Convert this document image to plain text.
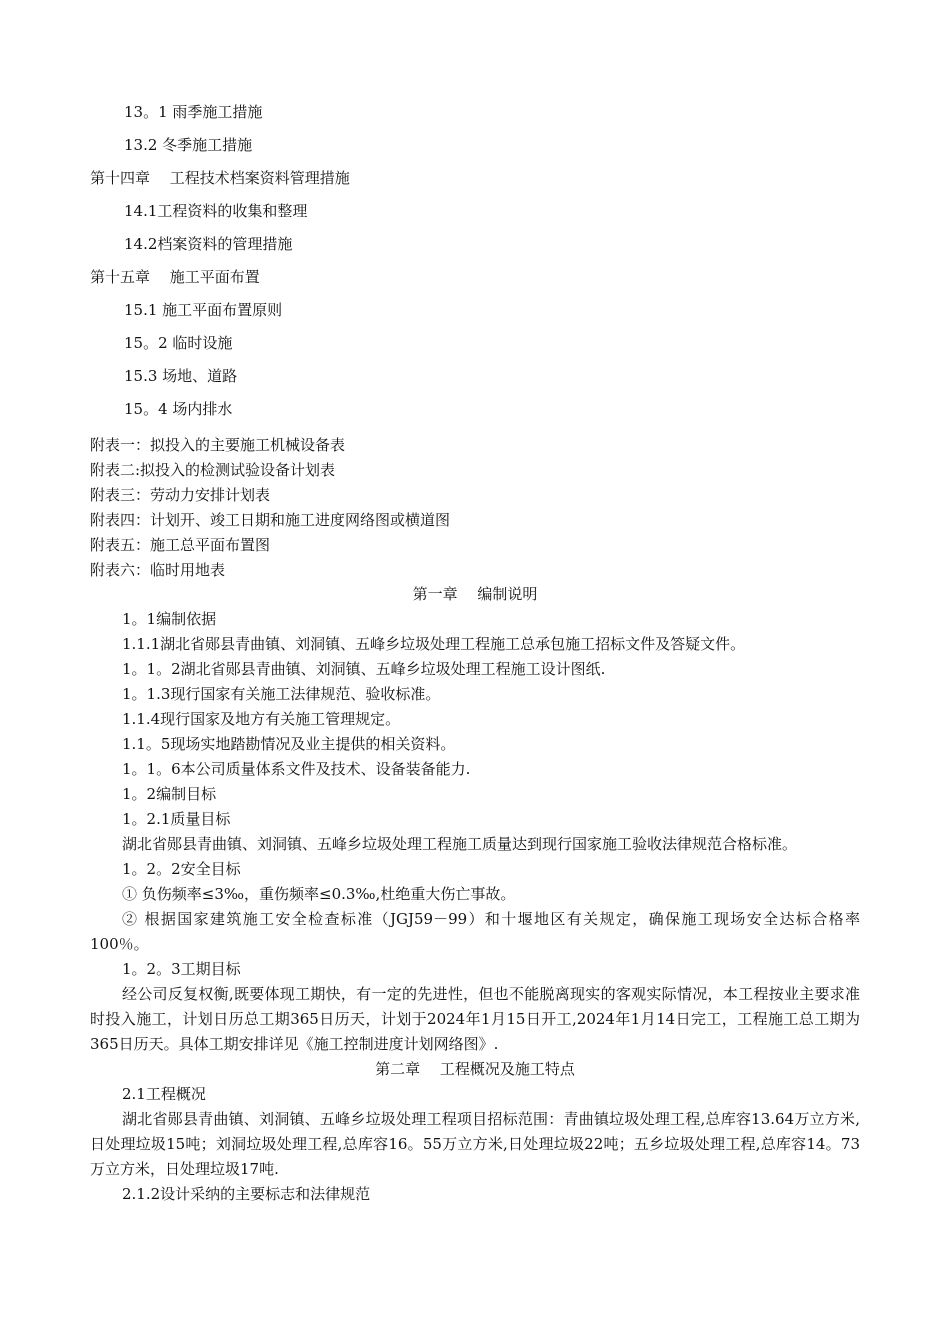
13。1 雨季施工措施
13.2 冬季施工措施
第十四章　 工程技术档案资料管理措施
14.1工程资料的收集和整理
14.2档案资料的管理措施
第十五章　 施工平面布置
15.1 施工平面布置原则
15。2 临时设施
15.3 场地、道路
15。4 场内排水
附表一：拟投入的主要施工机械设备表
附表二:拟投入的检测试验设备计划表
附表三：劳动力安排计划表
附表四：计划开、竣工日期和施工进度网络图或横道图
附表五：施工总平面布置图
附表六：临时用地表
第一章　 编制说明
1。1编制依据
1.1.1湖北省郧县青曲镇、刘洞镇、五峰乡垃圾处理工程施工总承包施工招标文件及答疑文件。
1。1。2湖北省郧县青曲镇、刘洞镇、五峰乡垃圾处理工程施工设计图纸.
1。1.3现行国家有关施工法律规范、验收标准。
1.1.4现行国家及地方有关施工管理规定。
1.1。5现场实地踏勘情况及业主提供的相关资料。
1。1。6本公司质量体系文件及技术、设备装备能力.
1。2编制目标
1。2.1质量目标
湖北省郧县青曲镇、刘洞镇、五峰乡垃圾处理工程施工质量达到现行国家施工验收法律规范合格标准。
1。2。2安全目标
① 负伤频率≤3‰，重伤频率≤0.3‰,杜绝重大伤亡事故。
② 根据国家建筑施工安全检查标准（JGJ59－99）和十堰地区有关规定，确保施工现场安全达标合格率100％。
1。2。3工期目标
经公司反复权衡,既要体现工期快，有一定的先进性，但也不能脱离现实的客观实际情况，本工程按业主要求准时投入施工，计划日历总工期365日历天，计划于2024年1月15日开工,2024年1月14日完工，工程施工总工期为365日历天。具体工期安排详见《施工控制进度计划网络图》.
第二章　 工程概况及施工特点
2.1工程概况
湖北省郧县青曲镇、刘洞镇、五峰乡垃圾处理工程项目招标范围：青曲镇垃圾处理工程,总库容13.64万立方米,日处理垃圾15吨；刘洞垃圾处理工程,总库容16。55万立方米,日处理垃圾22吨；五乡垃圾处理工程,总库容14。73万立方米，日处理垃圾17吨.
2.1.2设计采纳的主要标志和法律规范
